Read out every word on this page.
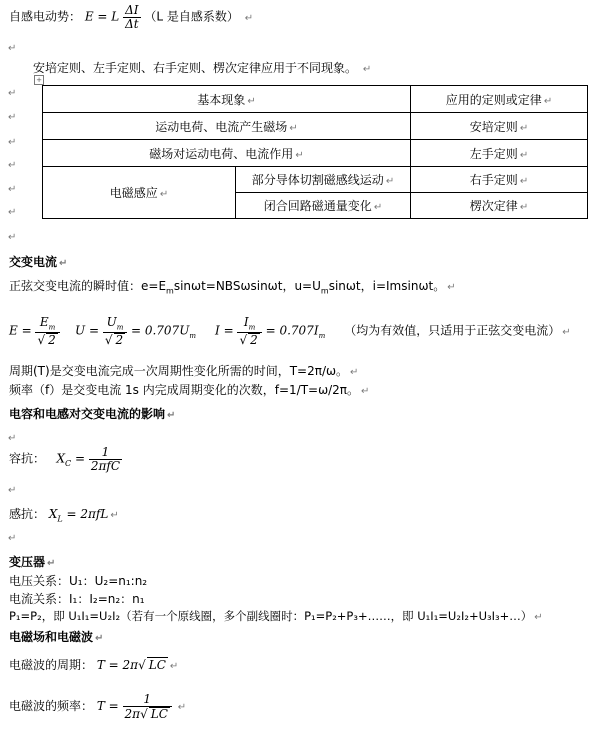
自感电动势： E = L $\frac{\Delta I}{\Delta t} (L$ 是自感系数） ↵
↵
安培定则、左手定则、右手定则、楞次定律应用于不同现象。 ↵
+
基本现象 ↵		应用的定则或定律 ↵
运动电荷、电流产生磁场 ↵		安培定则 ↵
磁场对运动电荷、电流作用 ↵		左手定则 ↵
电磁感应 ↵	部分导体切割磁感线运动 ↵	右手定则 ↵
	闭合回路磁通量变化 ↵	楞次定律 ↵
↵
↵
↵
↵
↵
↵
↵
交变电流 ↵
正弦交变电流的瞬时值：$e=E_m\sin\omega t=NBS\omega\sin\omega t$，$u=U_m\sin\omega t$，i=Imsinωt。 ↵
$E = \frac{E_m}{√ 2}$ $U = \frac{U_m}{√ 2} = 0.707U_m$ $I = \frac{I_m}{√ 2} = 0.707I_m$ （均为有效值，只适用于正弦交变电流） ↵
周期(T)是交变电流完成一次周期性变化所需的时间，T=2π/ω。 ↵
频率（f）是交变电流 1s 内完成周期变化的次数，f=1/T=ω/2π。 ↵
电容和电感对交变电流的影响 ↵
↵
容抗： $X_C = \frac{1}{\text{2πfC}}$
↵
感抗： $X_L = 2\pi fL$ ↵
↵
变压器 ↵
电压关系：U₁：U₂=n₁:n₂
电流关系：I₁：I₂=n₂：n₁
P₁=P₂，即 U₁I₁=U₂I₂（若有一个原线圈，多个副线圈时：P₁=P₂+P₃+……，即 U₁I₁=U₂I₂+U₃I₃+…） ↵
电磁场和电磁波 ↵
电磁波的周期： T = 2π√ LC ↵
电磁波的频率： $T = \frac{1}{2\pi√ LC}$ ↵
